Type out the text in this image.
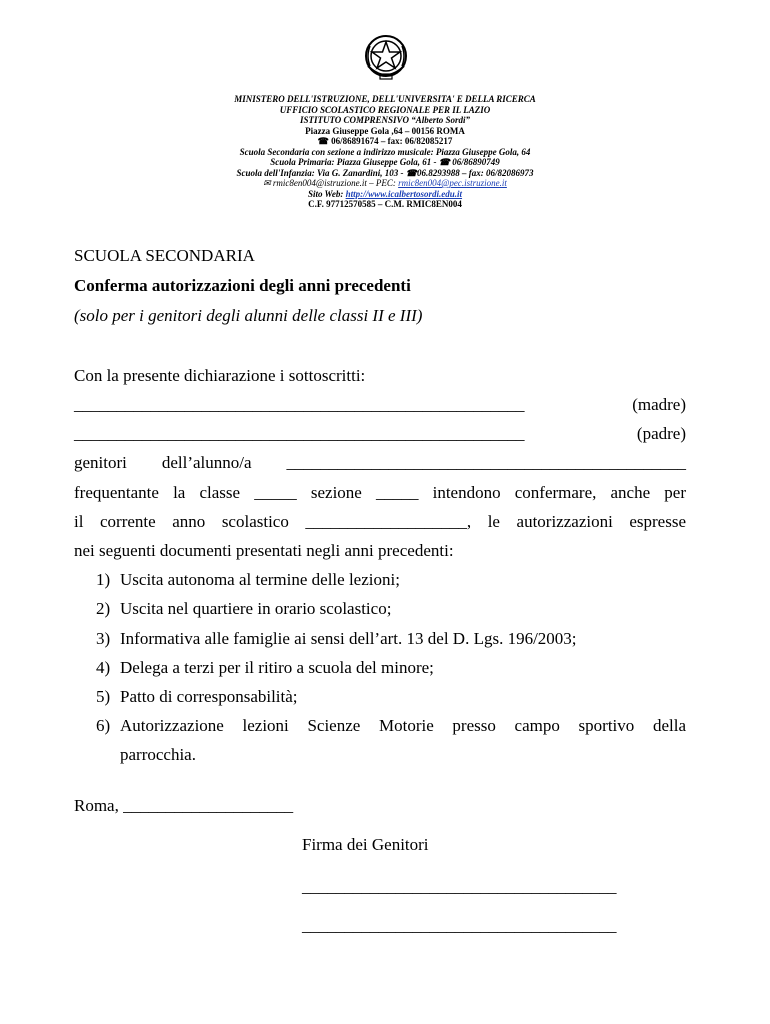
MINISTERO DELL'ISTRUZIONE, DELL'UNIVERSITA' E DELLA RICERCA
UFFICIO SCOLASTICO REGIONALE PER IL LAZIO
ISTITUTO COMPRENSIVO “Alberto Sordi”
Piazza Giuseppe Gola ,64 – 00156 ROMA
☎ 06/86891674 – fax: 06/82085217
Scuola Secondaria con sezione a indirizzo musicale: Piazza Giuseppe Gola, 64
Scuola Primaria: Piazza Giuseppe Gola, 61 - ☎ 06/86890749
Scuola dell'Infanzia: Via G. Zanardini, 103 - ☎06.8293988 – fax: 06/82086973
✉ rmic8en004@istruzione.it – PEC: rmic8en004@pec.istruzione.it
Sito Web: http://www.icalbertosordi.edu.it
C.F. 97712570585 – C.M. RMIC8EN004
SCUOLA SECONDARIA
Conferma autorizzazioni degli anni precedenti
(solo per i genitori degli alunni delle classi II e III)
Con la presente dichiarazione i sottoscritti:
_____________________________________________________ (madre)
_____________________________________________________ (padre)
genitori dell’alunno/a _______________________________________________
frequentante la classe _____ sezione _____ intendono confermare, anche per
il corrente anno scolastico ___________________, le autorizzazioni espresse
nei seguenti documenti presentati negli anni precedenti:
1) Uscita autonoma al termine delle lezioni;
2) Uscita nel quartiere in orario scolastico;
3) Informativa alle famiglie ai sensi dell’art. 13 del D. Lgs. 196/2003;
4) Delega a terzi per il ritiro a scuola del minore;
5) Patto di corresponsabilità;
6) Autorizzazione lezioni Scienze Motorie presso campo sportivo della
parrocchia.
Roma, ____________________
Firma dei Genitori
_____________________________________
_____________________________________
